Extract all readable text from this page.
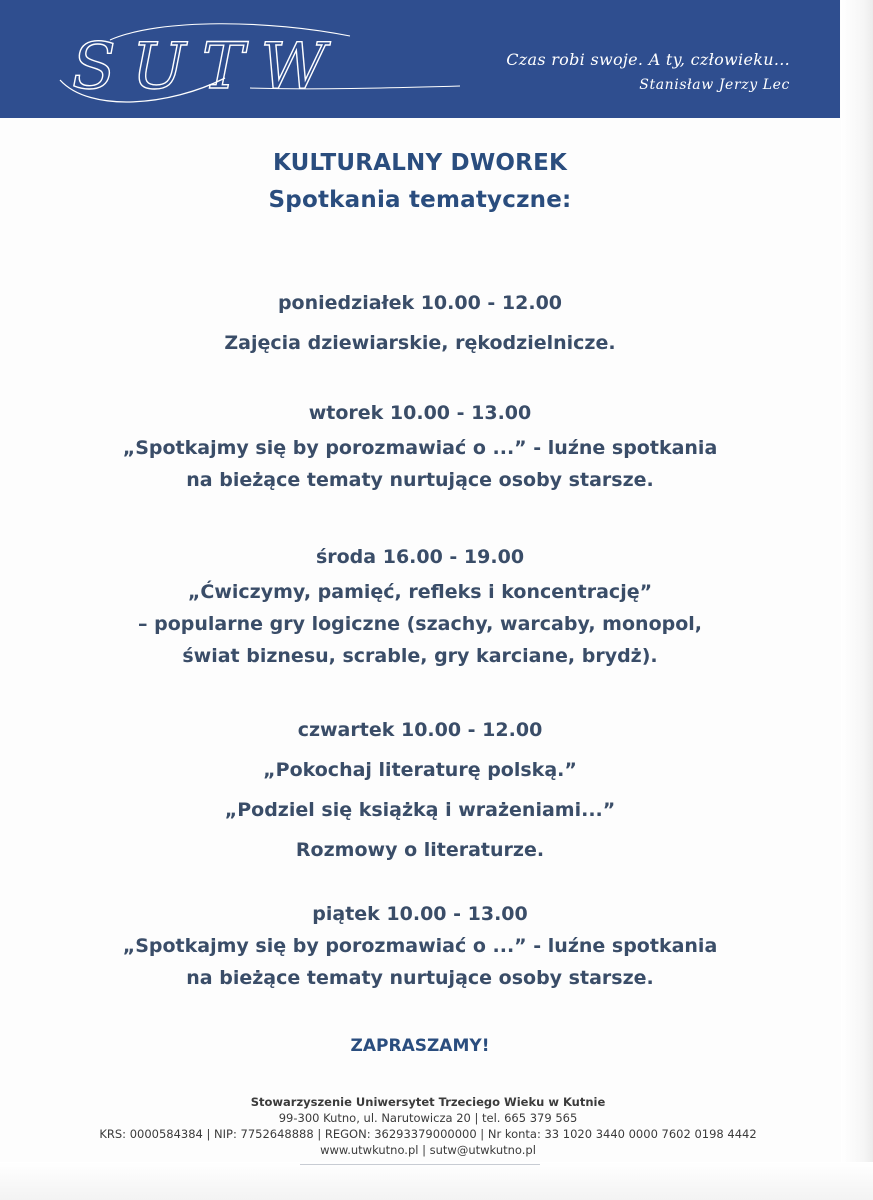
SUTW	Czas robi swoje. A ty, człowieku...
Stanisław Jerzy Lec
KULTURALNY DWOREK
Spotkania tematyczne:
poniedziałek 10.00 - 12.00
Zajęcia dziewiarskie, rękodzielnicze.
wtorek 10.00 - 13.00
„Spotkajmy się by porozmawiać o ...” - luźne spotkania
na bieżące tematy nurtujące osoby starsze.
środa 16.00 - 19.00
„Ćwiczymy, pamięć, refleks i koncentrację”
– popularne gry logiczne (szachy, warcaby, monopol,
świat biznesu, scrable, gry karciane, brydż).
czwartek 10.00 - 12.00
„Pokochaj literaturę polską.”
„Podziel się książką i wrażeniami...”
Rozmowy o literaturze.
piątek 10.00 - 13.00
„Spotkajmy się by porozmawiać o ...” - luźne spotkania
na bieżące tematy nurtujące osoby starsze.
ZAPRASZAMY!
Stowarzyszenie Uniwersytet Trzeciego Wieku w Kutnie
99-300 Kutno, ul. Narutowicza 20 | tel. 665 379 565
KRS: 0000584384 | NIP: 7752648888 | REGON: 36293379000000 | Nr konta: 33 1020 3440 0000 7602 0198 4442
www.utwkutno.pl | sutw@utwkutno.pl
